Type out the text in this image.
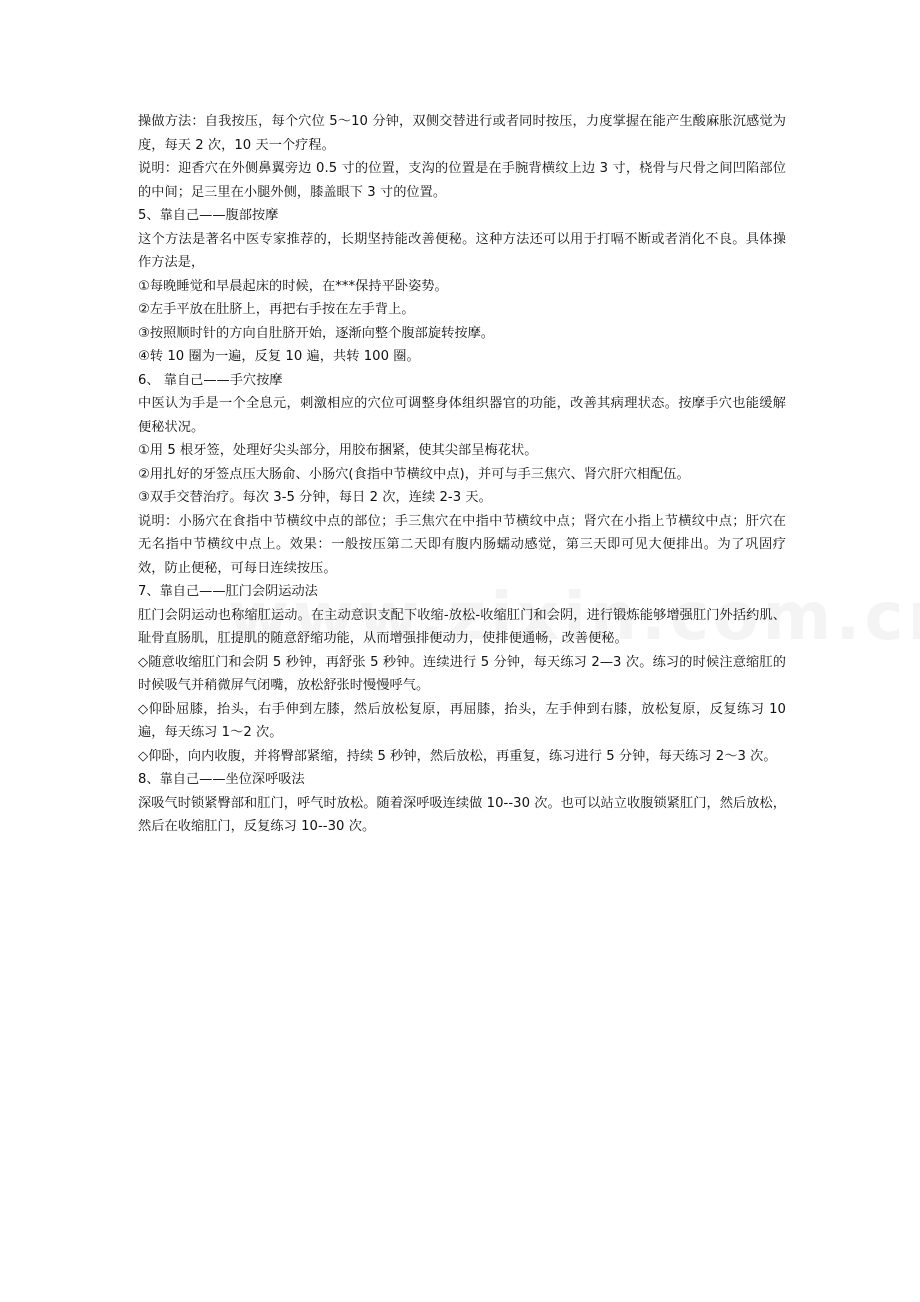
操做方法：自我按压，每个穴位 5～10 分钟，双侧交替进行或者同时按压，力度掌握在能产生酸麻胀沉感觉为度，每天 2 次，10 天一个疗程。

说明：迎香穴在外侧鼻翼旁边 0.5 寸的位置，支沟的位置是在手腕背横纹上边 3 寸，桡骨与尺骨之间凹陷部位的中间；足三里在小腿外侧，膝盖眼下 3 寸的位置。

5、靠自己——腹部按摩

这个方法是著名中医专家推荐的，长期坚持能改善便秘。这种方法还可以用于打嗝不断或者消化不良。具体操作方法是，

①每晚睡觉和早晨起床的时候，在***保持平卧姿势。

②左手平放在肚脐上，再把右手按在左手背上。

③按照顺时针的方向自肚脐开始，逐渐向整个腹部旋转按摩。

④转 10 圈为一遍，反复 10 遍，共转 100 圈。

6、 靠自己——手穴按摩

中医认为手是一个全息元，刺激相应的穴位可调整身体组织器官的功能，改善其病理状态。按摩手穴也能缓解便秘状况。

①用 5 根牙签，处理好尖头部分，用胶布捆紧，使其尖部呈梅花状。

②用扎好的牙签点压大肠俞、小肠穴(食指中节横纹中点)，并可与手三焦穴、肾穴肝穴相配伍。

③双手交替治疗。每次 3-5 分钟，每日 2 次，连续 2-3 天。

说明：小肠穴在食指中节横纹中点的部位；手三焦穴在中指中节横纹中点；肾穴在小指上节横纹中点；肝穴在无名指中节横纹中点上。效果：一般按压第二天即有腹内肠蠕动感觉，第三天即可见大便排出。为了巩固疗效，防止便秘，可每日连续按压。

7、靠自己——肛门会阴运动法

肛门会阴运动也称缩肛运动。在主动意识支配下收缩-放松-收缩肛门和会阴，进行锻炼能够增强肛门外括约肌、耻骨直肠肌，肛提肌的随意舒缩功能，从而增强排便动力，使排便通畅，改善便秘。

◇随意收缩肛门和会阴 5 秒钟，再舒张 5 秒钟。连续进行 5 分钟，每天练习 2—3 次。练习的时候注意缩肛的时候吸气并稍微屏气闭嘴，放松舒张时慢慢呼气。

◇仰卧屈膝，抬头，右手伸到左膝，然后放松复原，再屈膝，抬头，左手伸到右膝，放松复原，反复练习 10 遍，每天练习 1～2 次。

◇仰卧，向内收腹，并将臀部紧缩，持续 5 秒钟，然后放松，再重复，练习进行 5 分钟，每天练习 2～3 次。

8、靠自己——坐位深呼吸法

深吸气时锁紧臀部和肛门，呼气时放松。随着深呼吸连续做 10--30 次。也可以站立收腹锁紧肛门，然后放松，然后在收缩肛门，反复练习 10--30 次。
